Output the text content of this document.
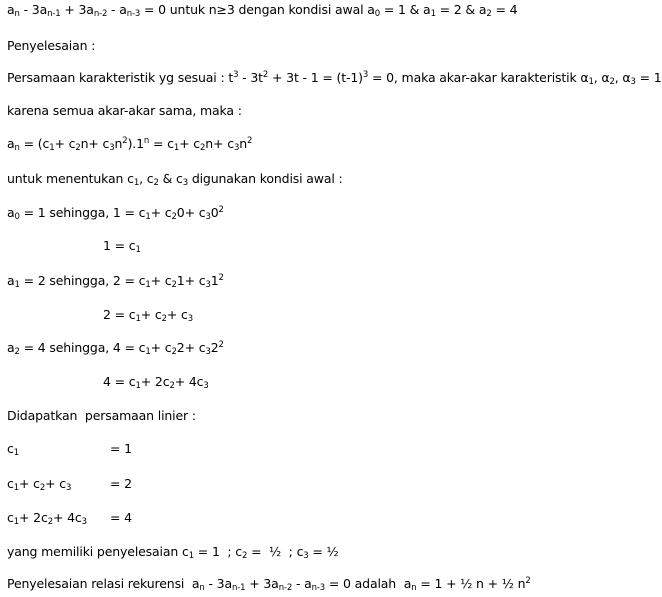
$a_n - 3a_{n-1} + 3a_{n-2} - a_{n-3} = 0$ untuk n≥3 dengan kondisi awal $a_0 = 1$ & $a_1 = 2$ & $a_2 = 4$
Penyelesaian :
Persamaan karakteristik yg sesuai : $t^3 - 3t^2 + 3t - 1 = (t-1)^3 = 0$, maka akar-akar karakteristik $\alpha_1$, $\alpha_2$, $\alpha_3 = 1$
karena semua akar-akar sama, maka :
$a_n = (c_1+ c_2n+ c_3n^2).1^n = c_1+ c_2n+ c_3n^2$
untuk menentukan $c_1$, $c_2$ & $c_3$ digunakan kondisi awal :
$a_0 = 1$ sehingga, $1 = c_1+ c_20+ c_30^2$
$1 = c_1$
$a_1 = 2$ sehingga, $2 = c_1+ c_21+ c_31^2$
$2 = c_1+ c_2+ c_3$
$a_2 = 4$ sehingga, $4 = c_1+ c_22+ c_32^2$
$4 = c_1+ 2c_2+ 4c_3$
Didapatkan  persamaan linier :
$c_1$	= 1
$c_1+ c_2+ c_3$	= 2
$c_1+ 2c_2+ 4c_3 = 4$
yang memiliki penyelesaian $c_1 = 1$  ; $c_2$ =  ½  ; $c_3$ = ½
Penyelesaian relasi rekurensi  $a_n - 3a_{n-1} + 3a_{n-2} - a_{n-3} = 0$ adalah  $a_n = 1$ + ½ n + ½ $n^2$
